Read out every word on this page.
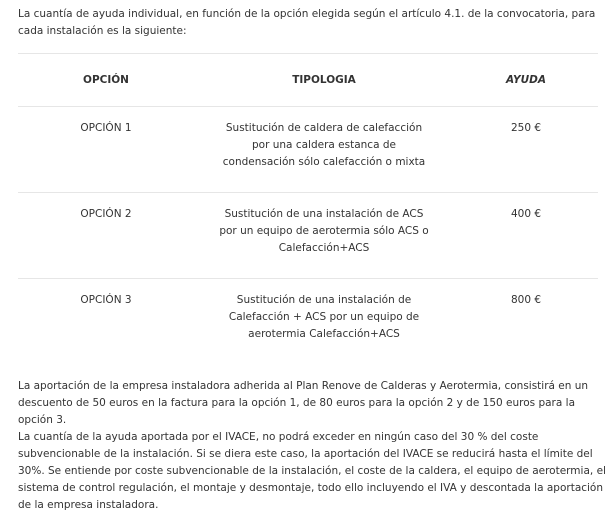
La cuantía de ayuda individual, en función de la opción elegida según el artículo 4.1. de la convocatoria, para cada instalación es la siguiente:
OPCIÓN	TIPOLOGIA	AYUDA
OPCIÓN 1	Sustitución de caldera de calefacción por una caldera estanca de condensación sólo calefacción o mixta	250 €
OPCIÓN 2	Sustitución de una instalación de ACS por un equipo de aerotermia sólo ACS o Calefacción+ACS	400 €
OPCIÓN 3	Sustitución de una instalación de Calefacción + ACS por un equipo de aerotermia Calefacción+ACS	800 €
La aportación de la empresa instaladora adherida al Plan Renove de Calderas y Aerotermia, consistirá en un descuento de 50 euros en la factura para la opción 1, de 80 euros para la opción 2 y de 150 euros para la opción 3.
La cuantía de la ayuda aportada por el IVACE, no podrá exceder en ningún caso del 30 % del coste subvencionable de la instalación. Si se diera este caso, la aportación del IVACE se reducirá hasta el límite del 30%. Se entiende por coste subvencionable de la instalación, el coste de la caldera, el equipo de aerotermia, el sistema de control regulación, el montaje y desmontaje, todo ello incluyendo el IVA y descontada la aportación de la empresa instaladora.
